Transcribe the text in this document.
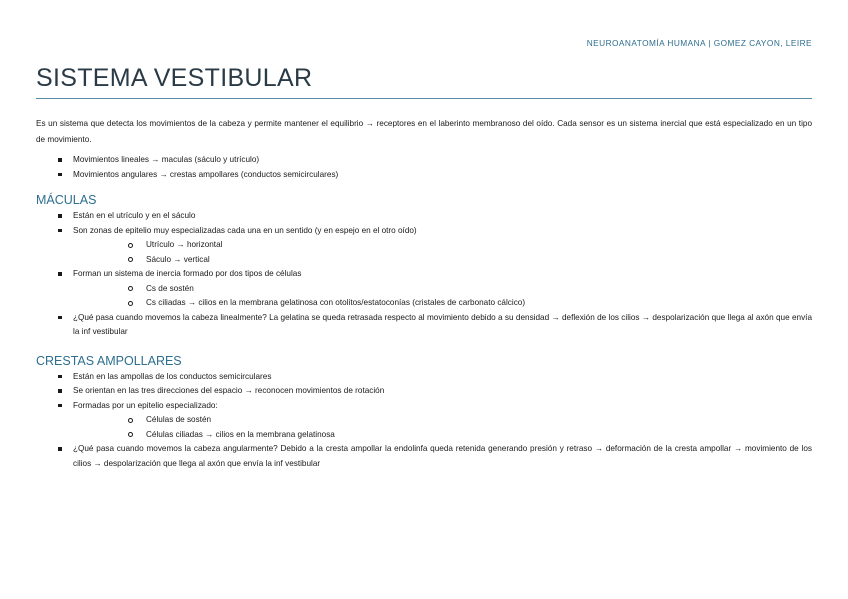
NEUROANATOMÍA HUMANA | GOMEZ CAYON, LEIRE
SISTEMA VESTIBULAR

Es un sistema que detecta los movimientos de la cabeza y permite mantener el equilibrio → receptores en el laberinto membranoso del oído. Cada sensor es un sistema inercial que está especializado en un tipo de movimiento.

Movimientos lineales → maculas (sáculo y utrículo)
Movimientos angulares → crestas ampollares (conductos semicirculares)
MÁCULAS
Están en el utrículo y en el sáculo
Son zonas de epitelio muy especializadas cada una en un sentido (y en espejo en el otro oído)
Utrículo → horizontal
Sáculo → vertical
Forman un sistema de inercia formado por dos tipos de células
Cs de sostén
Cs ciliadas → cilios en la membrana gelatinosa con otolitos/estatoconías (cristales de carbonato cálcico)
¿Qué pasa cuando movemos la cabeza linealmente? La gelatina se queda retrasada respecto al movimiento debido a su densidad → deflexión de los cilios → despolarización que llega al axón que envía la inf vestibular
CRESTAS AMPOLLARES
Están en las ampollas de los conductos semicirculares
Se orientan en las tres direcciones del espacio → reconocen movimientos de rotación
Formadas por un epitelio especializado:
Células de sostén
Células ciliadas → cilios en la membrana gelatinosa
¿Qué pasa cuando movemos la cabeza angularmente? Debido a la cresta ampollar la endolinfa queda retenida generando presión y retraso → deformación de la cresta ampollar → movimiento de los cilios → despolarización que llega al axón que envía la inf vestibular
